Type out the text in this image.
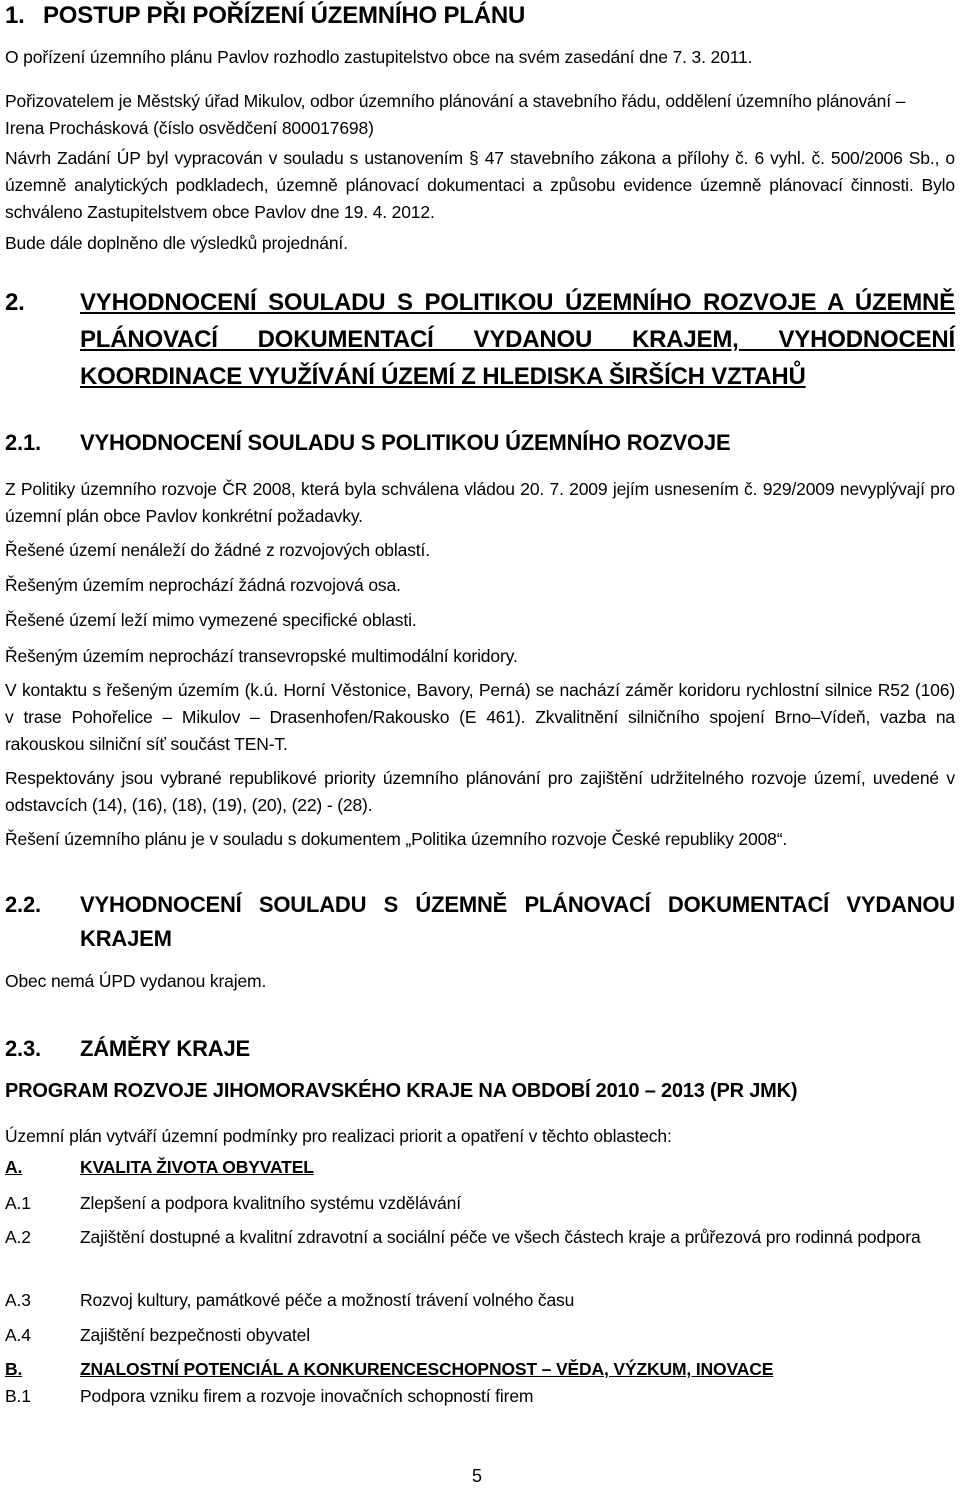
1. POSTUP PŘI POŘÍZENÍ ÚZEMNÍHO PLÁNU
O pořízení územního plánu Pavlov rozhodlo zastupitelstvo obce na svém zasedání dne 7. 3. 2011.
Pořizovatelem je Městský úřad Mikulov, odbor územního plánování a stavebního řádu, oddělení územního plánování –
Irena Prochásková (číslo osvědčení 800017698)
Návrh Zadání ÚP byl vypracován v souladu s ustanovením § 47 stavebního zákona a přílohy č. 6 vyhl. č. 500/2006 Sb., o územně analytických podkladech, územně plánovací dokumentaci a způsobu evidence územně plánovací činnosti. Bylo schváleno Zastupitelstvem obce Pavlov dne 19. 4. 2012.
Bude dále doplněno dle výsledků projednání.
2. VYHODNOCENÍ SOULADU S POLITIKOU ÚZEMNÍHO ROZVOJE A ÚZEMNĚ PLÁNOVACÍ DOKUMENTACÍ VYDANOU KRAJEM, VYHODNOCENÍ KOORDINACE VYUŽÍVÁNÍ ÚZEMÍ Z HLEDISKA ŠIRŠÍCH VZTAHŮ
2.1. VYHODNOCENÍ SOULADU S POLITIKOU ÚZEMNÍHO ROZVOJE
Z Politiky územního rozvoje ČR 2008, která byla schválena vládou 20. 7. 2009 jejím usnesením č. 929/2009 nevyplývají pro územní plán obce Pavlov konkrétní požadavky.
Řešené území nenáleží do žádné z rozvojových oblastí.
Řešeným územím neprochází žádná rozvojová osa.
Řešené území leží mimo vymezené specifické oblasti.
Řešeným územím neprochází transevropské multimodální koridory.
V kontaktu s řešeným územím (k.ú. Horní Věstonice, Bavory, Perná) se nachází záměr koridoru rychlostní silnice R52 (106) v trase Pohořelice – Mikulov – Drasenhofen/Rakousko (E 461). Zkvalitnění silničního spojení Brno–Vídeň, vazba na rakouskou silniční síť součást TEN-T.
Respektovány jsou vybrané republikové priority územního plánování pro zajištění udržitelného rozvoje území, uvedené v odstavcích (14), (16), (18), (19), (20), (22) - (28).
Řešení územního plánu je v souladu s dokumentem „Politika územního rozvoje České republiky 2008“.
2.2. VYHODNOCENÍ SOULADU S ÚZEMNĚ PLÁNOVACÍ DOKUMENTACÍ VYDANOU KRAJEM
Obec nemá ÚPD vydanou krajem.
2.3. ZÁMĚRY KRAJE
PROGRAM ROZVOJE JIHOMORAVSKÉHO KRAJE NA OBDOBÍ 2010 – 2013 (PR JMK)
Územní plán vytváří územní podmínky pro realizaci priorit a opatření v těchto oblastech:
A.	KVALITA ŽIVOTA OBYVATEL
A.1	Zlepšení a podpora kvalitního systému vzdělávání
A.2	Zajištění dostupné a kvalitní zdravotní a sociální péče ve všech částech kraje a průřezová pro rodinná podpora
A.3	Rozvoj kultury, památkové péče a možností trávení volného času
A.4	Zajištění bezpečnosti obyvatel
B.	ZNALOSTNÍ POTENCIÁL A KONKURENCESCHOPNOST – VĚDA, VÝZKUM, INOVACE
B.1	Podpora vzniku firem a rozvoje inovačních schopností firem
5
